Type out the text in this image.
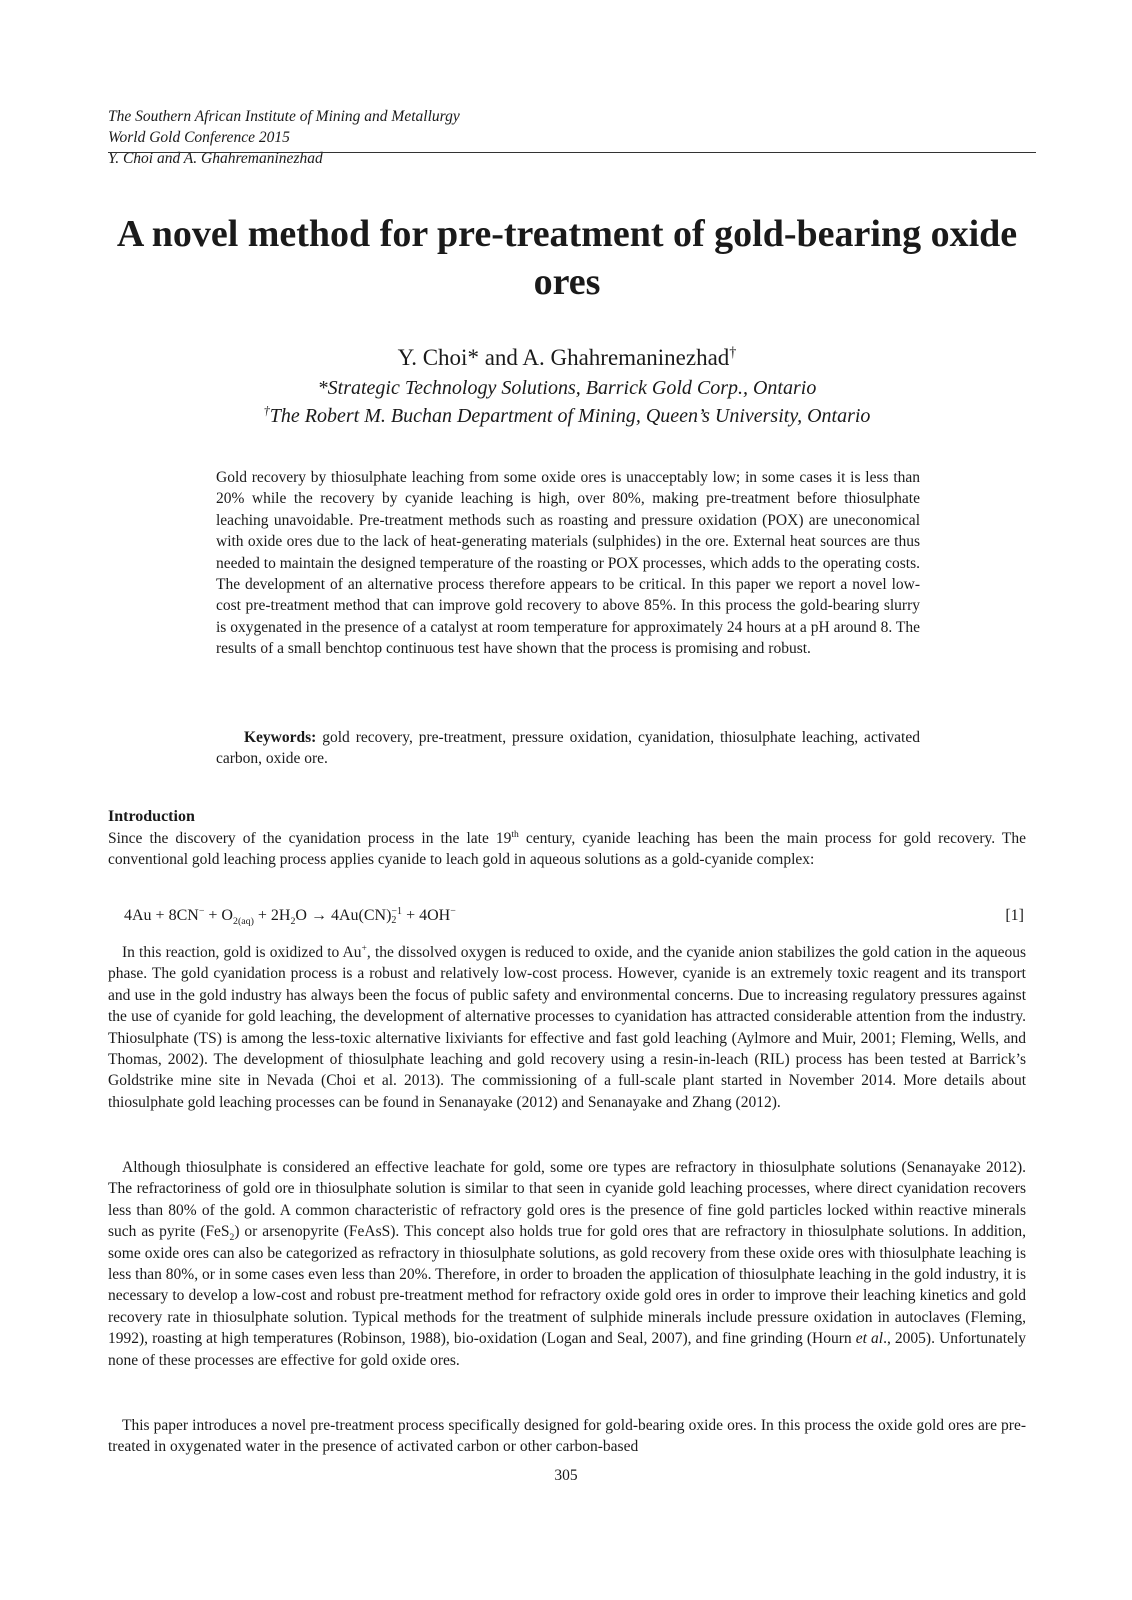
The Southern African Institute of Mining and Metallurgy
World Gold Conference 2015
Y. Choi and A. Ghahremaninezhad
A novel method for pre-treatment of gold-bearing oxide ores
Y. Choi* and A. Ghahremaninezhad†
*Strategic Technology Solutions, Barrick Gold Corp., Ontario
†The Robert M. Buchan Department of Mining, Queen’s University, Ontario

Gold recovery by thiosulphate leaching from some oxide ores is unacceptably low; in some cases it is less than 20% while the recovery by cyanide leaching is high, over 80%, making pre-treatment before thiosulphate leaching unavoidable. Pre-treatment methods such as roasting and pressure oxidation (POX) are uneconomical with oxide ores due to the lack of heat-generating materials (sulphides) in the ore. External heat sources are thus needed to maintain the designed temperature of the roasting or POX processes, which adds to the operating costs. The development of an alternative process therefore appears to be critical. In this paper we report a novel low-cost pre-treatment method that can improve gold recovery to above 85%. In this process the gold-bearing slurry is oxygenated in the presence of a catalyst at room temperature for approximately 24 hours at a pH around 8. The results of a small benchtop continuous test have shown that the process is promising and robust.

Keywords: gold recovery, pre-treatment, pressure oxidation, cyanidation, thiosulphate leaching, activated carbon, oxide ore.

Introduction

Since the discovery of the cyanidation process in the late 19th century, cyanide leaching has been the main process for gold recovery. The conventional gold leaching process applies cyanide to leach gold in aqueous solutions as a gold-cyanide complex:

$4Au + 8CN^- + O_{2(aq)} + 2H_2O \to 4Au(CN) -1$
2 + 4OH−	[1]

In this reaction, gold is oxidized to Au+, the dissolved oxygen is reduced to oxide, and the cyanide anion stabilizes the gold cation in the aqueous phase. The gold cyanidation process is a robust and relatively low-cost process. However, cyanide is an extremely toxic reagent and its transport and use in the gold industry has always been the focus of public safety and environmental concerns. Due to increasing regulatory pressures against the use of cyanide for gold leaching, the development of alternative processes to cyanidation has attracted considerable attention from the industry. Thiosulphate (TS) is among the less-toxic alternative lixiviants for effective and fast gold leaching (Aylmore and Muir, 2001; Fleming, Wells, and Thomas, 2002). The development of thiosulphate leaching and gold recovery using a resin-in-leach (RIL) process has been tested at Barrick’s Goldstrike mine site in Nevada (Choi et al. 2013). The commissioning of a full-scale plant started in November 2014. More details about thiosulphate gold leaching processes can be found in Senanayake (2012) and Senanayake and Zhang (2012).

Although thiosulphate is considered an effective leachate for gold, some ore types are refractory in thiosulphate solutions (Senanayake 2012). The refractoriness of gold ore in thiosulphate solution is similar to that seen in cyanide gold leaching processes, where direct cyanidation recovers less than 80% of the gold. A common characteristic of refractory gold ores is the presence of fine gold particles locked within reactive minerals such as pyrite (FeS$_2$) or arsenopyrite (FeAsS). This concept also holds true for gold ores that are refractory in thiosulphate solutions. In addition, some oxide ores can also be categorized as refractory in thiosulphate solutions, as gold recovery from these oxide ores with thiosulphate leaching is less than 80%, or in some cases even less than 20%. Therefore, in order to broaden the application of thiosulphate leaching in the gold industry, it is necessary to develop a low-cost and robust pre-treatment method for refractory oxide gold ores in order to improve their leaching kinetics and gold recovery rate in thiosulphate solution. Typical methods for the treatment of sulphide minerals include pressure oxidation in autoclaves (Fleming, 1992), roasting at high temperatures (Robinson, 1988), bio-oxidation (Logan and Seal, 2007), and fine grinding (Hourn et al., 2005). Unfortunately none of these processes are effective for gold oxide ores.

This paper introduces a novel pre-treatment process specifically designed for gold-bearing oxide ores. In this process the oxide gold ores are pre-treated in oxygenated water in the presence of activated carbon or other carbon-based

305
